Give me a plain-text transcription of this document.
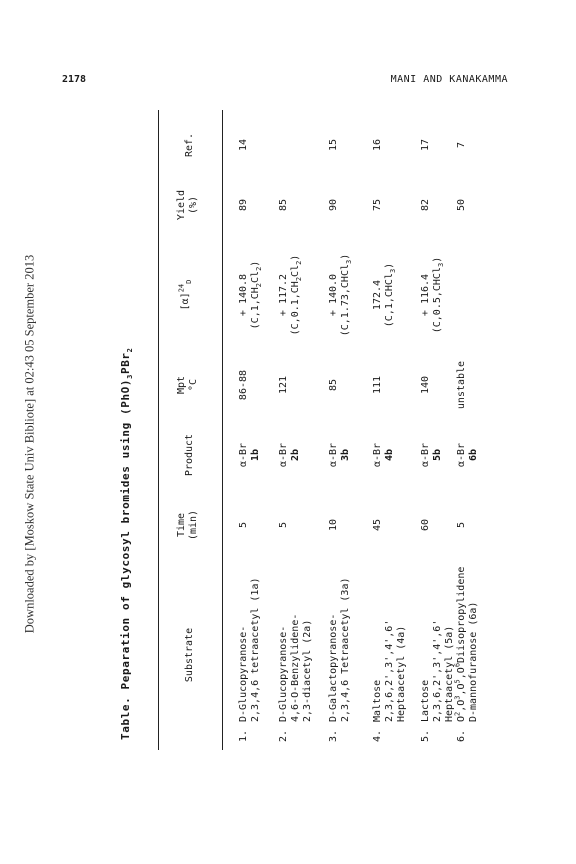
2178	MANI AND KANAKAMMA
Downloaded by [Moskow State Univ Bibliote] at 02:43 05 September 2013	Table. Peparation of glycosyl bromides using $(PhO)_3PBr_2$
Substrate
Time (min)
Product
Mpt °C
$[\alpha]^{24}_D$
Yield (%)
Ref.
1.
D-Glucopyranose- 2,3,4,6 tetraacetyl (1a)
5
α-Br 1b
86-88
+ 140.8 $(C,1,CH_2Cl_2)$
89
14
2.
D-Glucopyranose- 4,6-O-Benzylidene- 2,3-diacetyl (2a)
5
α-Br 2b
121
+ 117.2 $(C,0.1,CH_2Cl_2)$
85
3.
D-Galactopyranose- 2,3,4,6 Tetraacetyl (3a)
10
α-Br 3b
85
+ 140.0 (C,1.73,CHCl$_3$)
90
15
4.
Maltose 2,3,6,2',3',4',6' Heptaacetyl (4a)
45
α-Br 4b
111
172.4 (C,1,CHCl$_3$)
75
16
5.
Lactose 2,3,6,2',3',4',6' Heptaacetyl (5a)
60
α-Br 5b
140
+ 116.4 (C,0.5,CHCl$_3$)
82
17
6.
$O^2,O^3,O^5,O^6Diisopropylidene$ D-mannofuranose (6a)
5
α-Br 6b
unstable
50
7
